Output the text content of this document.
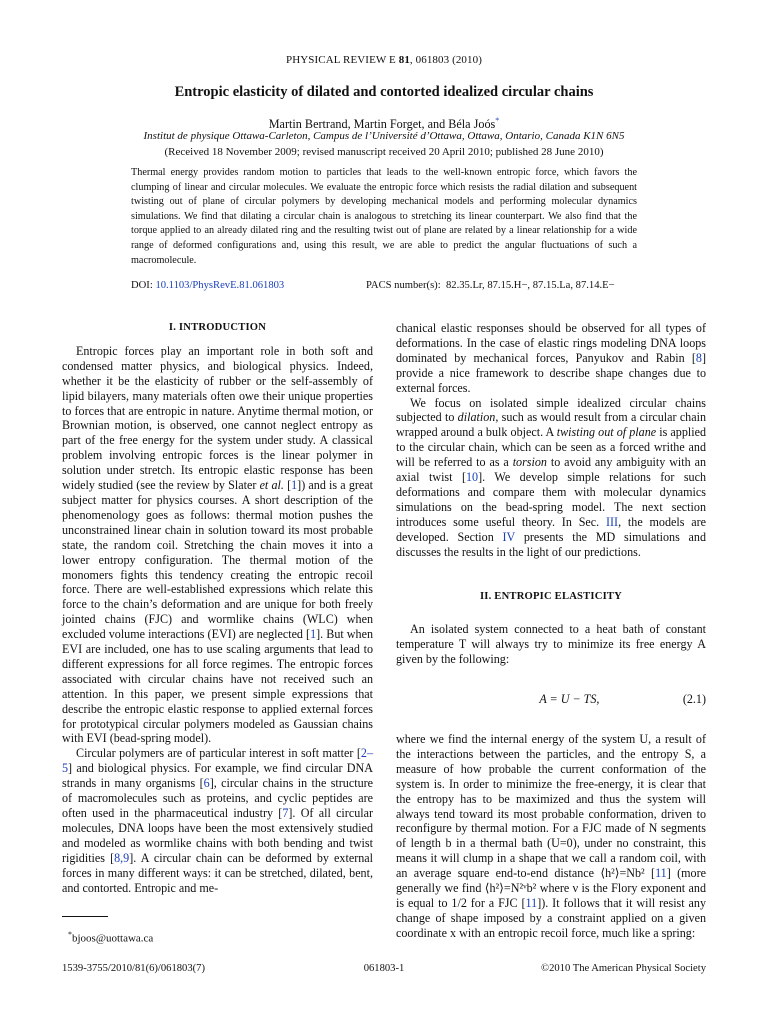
PHYSICAL REVIEW E 81, 061803 (2010)
Entropic elasticity of dilated and contorted idealized circular chains
Martin Bertrand, Martin Forget, and Béla Joós*
Institut de physique Ottawa-Carleton, Campus de l’Université d’Ottawa, Ottawa, Ontario, Canada K1N 6N5
(Received 18 November 2009; revised manuscript received 20 April 2010; published 28 June 2010)
Thermal energy provides random motion to particles that leads to the well-known entropic force, which favors the clumping of linear and circular molecules. We evaluate the entropic force which resists the radial dilation and subsequent twisting out of plane of circular polymers by developing mechanical models and performing molecular dynamics simulations. We find that dilating a circular chain is analogous to stretching its linear counterpart. We also find that the torque applied to an already dilated ring and the resulting twist out of plane are related by a linear relationship for a wide range of deformed configurations and, using this result, we are able to predict the angular fluctuations of such a macromolecule.
DOI: 10.1103/PhysRevE.81.061803	PACS number(s): 82.35.Lr, 87.15.H−, 87.15.La, 87.14.E−
I. INTRODUCTION

Entropic forces play an important role in both soft and condensed matter physics, and biological physics. Indeed, whether it be the elasticity of rubber or the self-assembly of lipid bilayers, many materials often owe their unique properties to forces that are entropic in nature. Anytime thermal motion, or Brownian motion, is observed, one cannot neglect entropy as part of the free energy for the system under study. A classical problem involving entropic forces is the linear polymer in solution under stretch. Its entropic elastic response has been widely studied (see the review by Slater et al. [1]) and is a great subject matter for physics courses. A short description of the phenomenology goes as follows: thermal motion pushes the unconstrained linear chain in solution toward its most probable state, the random coil. Stretching the chain moves it into a lower entropy configuration. The thermal motion of the monomers fights this tendency creating the entropic recoil force. There are well-established expressions which relate this force to the chain’s deformation and are unique for both freely jointed chains (FJC) and wormlike chains (WLC) when excluded volume interactions (EVI) are neglected [1]. But when EVI are included, one has to use scaling arguments that lead to different expressions for all force regimes. The entropic forces associated with circular chains have not received such an attention. In this paper, we present simple expressions that describe the entropic elastic response to applied external forces for prototypical circular polymers modeled as Gaussian chains with EVI (bead-spring model).

Circular polymers are of particular interest in soft matter [2–5] and biological physics. For example, we find circular DNA strands in many organisms [6], circular chains in the structure of macromolecules such as proteins, and cyclic peptides are often used in the pharmaceutical industry [7]. Of all circular molecules, DNA loops have been the most extensively studied and modeled as wormlike chains with both bending and twist rigidities [8,9]. A circular chain can be deformed by external forces in many different ways: it can be stretched, dilated, bent, and contorted. Entropic and me-

chanical elastic responses should be observed for all types of deformations. In the case of elastic rings modeling DNA loops dominated by mechanical forces, Panyukov and Rabin [8] provide a nice framework to describe shape changes due to external forces.

We focus on isolated simple idealized circular chains subjected to dilation, such as would result from a circular chain wrapped around a bulk object. A twisting out of plane is applied to the circular chain, which can be seen as a forced writhe and will be referred to as a torsion to avoid any ambiguity with an axial twist [10]. We develop simple relations for such deformations and compare them with molecular dynamics simulations on the bead-spring model. The next section introduces some useful theory. In Sec. III, the models are developed. Section IV presents the MD simulations and discusses the results in the light of our predictions.

II. ENTROPIC ELASTICITY

An isolated system connected to a heat bath of constant temperature T will always try to minimize its free energy A given by the following:

A = U − TS,	(2.1)

where we find the internal energy of the system U, a result of the interactions between the particles, and the entropy S, a measure of how probable the current conformation of the system is. In order to minimize the free-energy, it is clear that the entropy has to be maximized and thus the system will always tend toward its most probable conformation, driven to reconfigure by thermal motion. For a FJC made of N segments of length b in a thermal bath (U=0), under no constraint, this means it will clump in a shape that we call a random coil, with an average square end-to-end distance ⟨h²⟩=Nb² [11] (more generally we find ⟨h²⟩=N²ᵛb² where ν is the Flory exponent and is equal to 1/2 for a FJC [11]). It follows that it will resist any change of shape imposed by a constraint applied on a given coordinate x with an entropic recoil force, much like a spring:

*bjoos@uottawa.ca
1539-3755/2010/81(6)/061803(7)	061803-1	©2010 The American Physical Society
